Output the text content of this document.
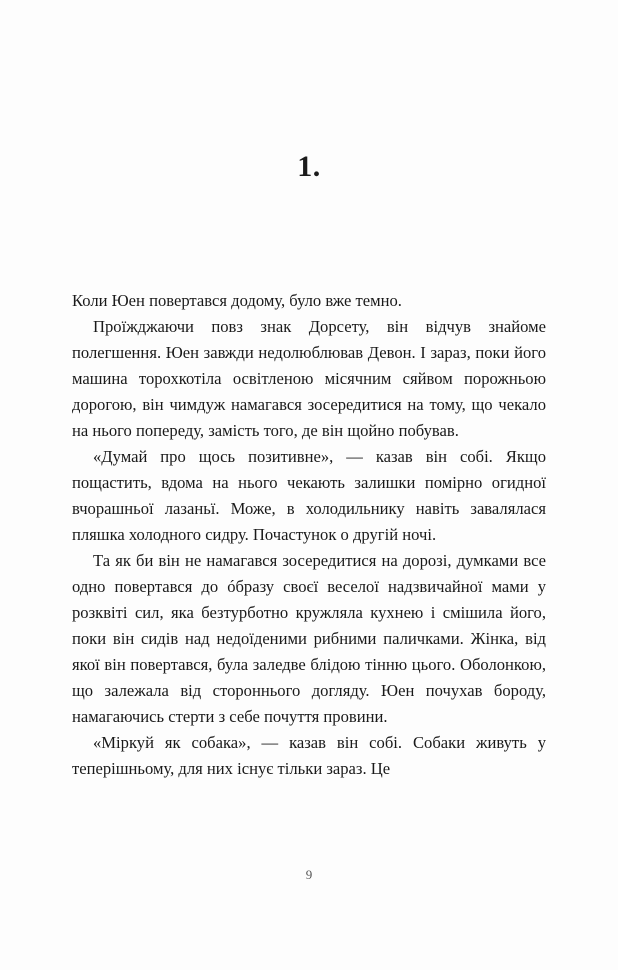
1.

Коли Юен повертався додому, було вже темно.

Проїжджаючи повз знак Дорсету, він відчув знайоме полегшення. Юен завжди недолюблював Девон. І зараз, поки його машина торохкотіла освітленою місячним сяйвом порожньою дорогою, він чимдуж намагався зосередитися на тому, що чекало на нього попереду, замість того, де він щойно побував.

«Думай про щось позитивне», — казав він собі. Якщо пощастить, вдома на нього чекають залишки помірно огидної вчорашньої лазаньї. Може, в холодильнику навіть завалялася пляшка холодного сидру. Почастунок о другій ночі.

Та як би він не намагався зосередитися на дорозі, думками все одно повертався до óбразу своєї веселої надзвичайної мами у розквіті сил, яка безтурботно кружляла кухнею і смішила його, поки він сидів над недоїденими рибними паличками. Жінка, від якої він повертався, була заледве блідою тінню цього. Оболонкою, що залежала від стороннього догляду. Юен почухав бороду, намагаючись стерти з себе почуття провини.

«Міркуй як собака», — казав він собі. Собаки живуть у теперішньому, для них існує тільки зараз. Це

9
